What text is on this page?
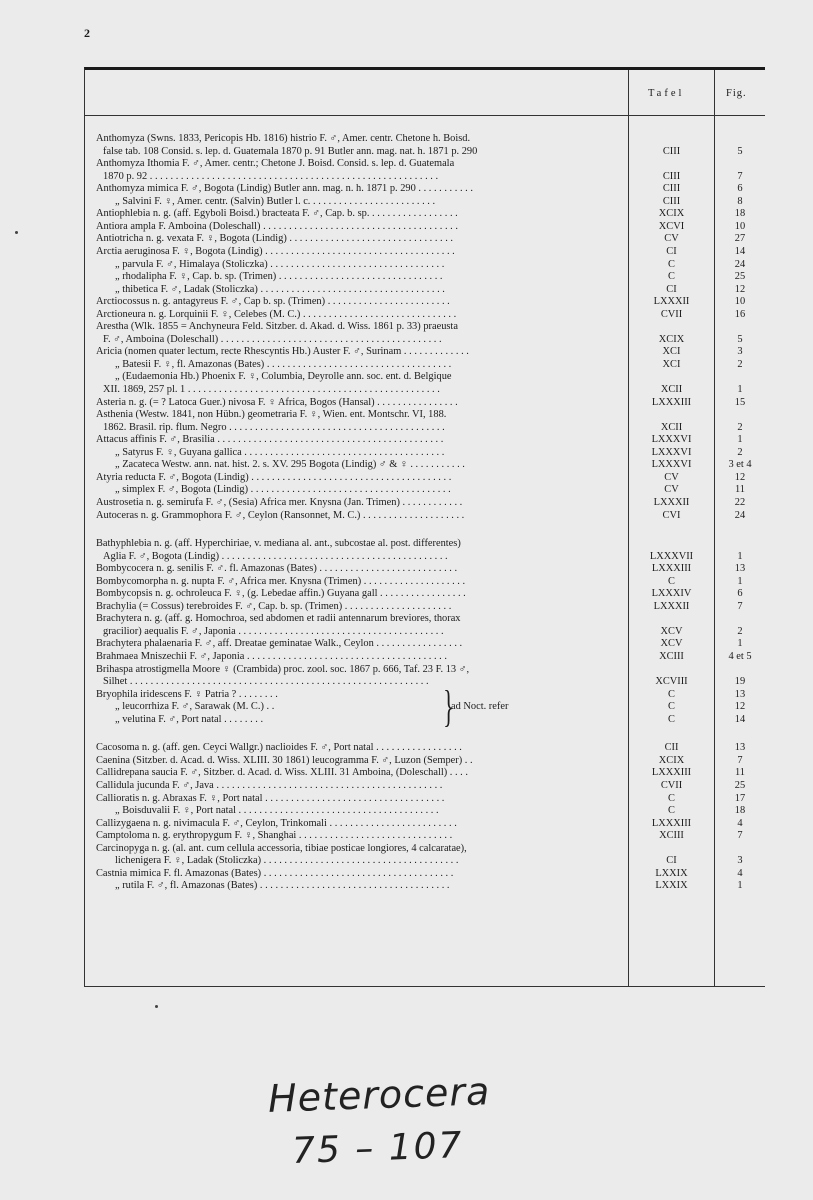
2
Tafel	Fig.
Anthomyza (Swns. 1833, Pericopis Hb. 1816) histrio F. ♂, Amer. centr. Chetone h. Boisd.
false tab. 108 Consid. s. lep. d. Guatemala 1870 p. 91 Butler ann. mag. nat. h. 1871 p. 290	CIII	5
Anthomyza Ithomia F. ♂, Amer. centr.; Chetone J. Boisd. Consid. s. lep. d. Guatemala
1870 p. 92 . . . . . . . . . . . . . . . . . . . . . . . . . . . . . . . . . . . . . . . . . . . . . . . . . . . . . . . .	CIII	7
Anthomyza mimica F. ♂, Bogota (Lindig) Butler ann. mag. n. h. 1871 p. 290 . . . . . . . . . . .	CIII	6
„ Salvini F. ♀, Amer. centr. (Salvin) Butler l. c. . . . . . . . . . . . . . . . . . . . . . . . .	CIII	8
Antiophlebia n. g. (aff. Egyboli Boisd.) bracteata F. ♂, Cap. b. sp. . . . . . . . . . . . . . . . . .	XCIX	18
Antiora ampla F. Amboina (Doleschall) . . . . . . . . . . . . . . . . . . . . . . . . . . . . . . . . . . . . . .	XCVI	10
Antiotricha n. g. vexata F. ♀, Bogota (Lindig) . . . . . . . . . . . . . . . . . . . . . . . . . . . . . . . .	CV	27
Arctia aeruginosa F. ♀, Bogota (Lindig) . . . . . . . . . . . . . . . . . . . . . . . . . . . . . . . . . . . . .	CI	14
„ parvula F. ♂, Himalaya (Stoliczka) . . . . . . . . . . . . . . . . . . . . . . . . . . . . . . . . . .	C	24
„ rhodalipha F. ♀, Cap. b. sp. (Trimen) . . . . . . . . . . . . . . . . . . . . . . . . . . . . . . . .	C	25
„ thibetica F. ♂, Ladak (Stoliczka) . . . . . . . . . . . . . . . . . . . . . . . . . . . . . . . . . . . .	CI	12
Arctiocossus n. g. antagyreus F. ♂, Cap b. sp. (Trimen) . . . . . . . . . . . . . . . . . . . . . . . .	LXXXII	10
Arctioneura n. g. Lorquinii F. ♀, Celebes (M. C.) . . . . . . . . . . . . . . . . . . . . . . . . . . . . . .	CVII	16
Arestha (Wlk. 1855 = Anchyneura Feld. Sitzber. d. Akad. d. Wiss. 1861 p. 33) praeusta
F. ♂, Amboina (Doleschall) . . . . . . . . . . . . . . . . . . . . . . . . . . . . . . . . . . . . . . . . . . .	XCIX	5
Aricia (nomen quater lectum, recte Rhescyntis Hb.) Auster F. ♂, Surinam . . . . . . . . . . . . .	XCI	3
„ Batesii F. ♀, fl. Amazonas (Bates) . . . . . . . . . . . . . . . . . . . . . . . . . . . . . . . . . . . .	XCI	2
„ (Eudaemonia Hb.) Phoenix F. ♀, Columbia, Deyrolle ann. soc. ent. d. Belgique
XII. 1869, 257 pl. 1 . . . . . . . . . . . . . . . . . . . . . . . . . . . . . . . . . . . . . . . . . . . . . . . . .	XCII	1
Asteria n. g. (= ? Latoca Guer.) nivosa F. ♀ Africa, Bogos (Hansal) . . . . . . . . . . . . . . . .	LXXXIII	15
Asthenia (Westw. 1841, non Hübn.) geometraria F. ♀, Wien. ent. Montschr. VI, 188.
1862. Brasil. rip. flum. Negro . . . . . . . . . . . . . . . . . . . . . . . . . . . . . . . . . . . . . . . . . .	XCII	2
Attacus affinis F. ♂, Brasilia . . . . . . . . . . . . . . . . . . . . . . . . . . . . . . . . . . . . . . . . . . . .	LXXXVI	1
„ Satyrus F. ♀, Guyana gallica . . . . . . . . . . . . . . . . . . . . . . . . . . . . . . . . . . . . . . .	LXXXVI	2
„ Zacateca Westw. ann. nat. hist. 2. s. XV. 295 Bogota (Lindig) ♂ & ♀ . . . . . . . . . . .	LXXXVI	3 et 4
Atyria reducta F. ♂, Bogota (Lindig) . . . . . . . . . . . . . . . . . . . . . . . . . . . . . . . . . . . . . . .	CV	12
„ simplex F. ♂, Bogota (Lindig) . . . . . . . . . . . . . . . . . . . . . . . . . . . . . . . . . . . . . . .	CV	11
Austrosetia n. g. semirufa F. ♂, (Sesia) Africa mer. Knysna (Jan. Trimen) . . . . . . . . . . . .	LXXXII	22
Autoceras n. g. Grammophora F. ♂, Ceylon (Ransonnet, M. C.) . . . . . . . . . . . . . . . . . . . .	CVI	24
Bathyphlebia n. g. (aff. Hyperchiriae, v. mediana al. ant., subcostae al. post. differentes)
Aglia F. ♂, Bogota (Lindig) . . . . . . . . . . . . . . . . . . . . . . . . . . . . . . . . . . . . . . . . . . . .	LXXXVII	1
Bombycocera n. g. senilis F. ♂. fl. Amazonas (Bates) . . . . . . . . . . . . . . . . . . . . . . . . . . .	LXXXIII	13
Bombycomorpha n. g. nupta F. ♂, Africa mer. Knysna (Trimen) . . . . . . . . . . . . . . . . . . . .	C	1
Bombycopsis n. g. ochroleuca F. ♀, (g. Lebedae affin.) Guyana gall . . . . . . . . . . . . . . . . .	LXXXIV	6
Brachylia (= Cossus) terebroides F. ♂, Cap. b. sp. (Trimen) . . . . . . . . . . . . . . . . . . . . .	LXXXII	7
Brachytera n. g. (aff. g. Homochroa, sed abdomen et radii antennarum breviores, thorax
gracilior) aequalis F. ♂, Japonia . . . . . . . . . . . . . . . . . . . . . . . . . . . . . . . . . . . . . . . .	XCV	2
Brachytera phalaenaria F. ♂, aff. Dreatae geminatae Walk., Ceylon . . . . . . . . . . . . . . . . .	XCV	1
Brahmaea Mniszechii F. ♂, Japonia . . . . . . . . . . . . . . . . . . . . . . . . . . . . . . . . . . . . . . .	XCIII	4 et 5
Brihaspa atrostigmella Moore ♀ (Crambida) proc. zool. soc. 1867 p. 666, Taf. 23 F. 13 ♂,
Silhet . . . . . . . . . . . . . . . . . . . . . . . . . . . . . . . . . . . . . . . . . . . . . . . . . . . . . . . . . .	XCVIII	19
Bryophila iridescens F. ♀ Patria ? . . . . . . . .	C	13
„ leucorrhiza F. ♂, Sarawak (M. C.) . .	C	12
„ velutina F. ♂, Port natal . . . . . . . .	C	14
Cacosoma n. g. (aff. gen. Ceyci Wallgr.) naclioides F. ♂, Port natal . . . . . . . . . . . . . . . . .	CII	13
Caenina (Sitzber. d. Acad. d. Wiss. XLIII. 30 1861) leucogramma F. ♂, Luzon (Semper) . .	XCIX	7
Callidrepana saucia F. ♂, Sitzber. d. Acad. d. Wiss. XLIII. 31 Amboina, (Doleschall) . . . .	LXXXIII	11
Callidula jucunda F. ♂, Java . . . . . . . . . . . . . . . . . . . . . . . . . . . . . . . . . . . . . . . . . . . .	CVII	25
Callioratis n. g. Abraxas F. ♀, Port natal . . . . . . . . . . . . . . . . . . . . . . . . . . . . . . . . . . .	C	17
„ Boisduvalii F. ♀, Port natal . . . . . . . . . . . . . . . . . . . . . . . . . . . . . . . . . . . . . . .	C	18
Callizygaena n. g. nivimacula F. ♂, Ceylon, Trinkomali . . . . . . . . . . . . . . . . . . . . . . . . .	LXXXIII	4
Camptoloma n. g. erythropygum F. ♀, Shanghai . . . . . . . . . . . . . . . . . . . . . . . . . . . . . .	XCIII	7
Carcinopyga n. g. (al. ant. cum cellula accessoria, tibiae posticae longiores, 4 calcaratae),
lichenigera F. ♀, Ladak (Stoliczka) . . . . . . . . . . . . . . . . . . . . . . . . . . . . . . . . . . . . . .	CI	3
Castnia mimica F. fl. Amazonas (Bates) . . . . . . . . . . . . . . . . . . . . . . . . . . . . . . . . . . . . .	LXXIX	4
„ rutila F. ♂, fl. Amazonas (Bates) . . . . . . . . . . . . . . . . . . . . . . . . . . . . . . . . . . . . .	LXXIX	1
}
ad Noct. refer
Heterocera
75 – 107
